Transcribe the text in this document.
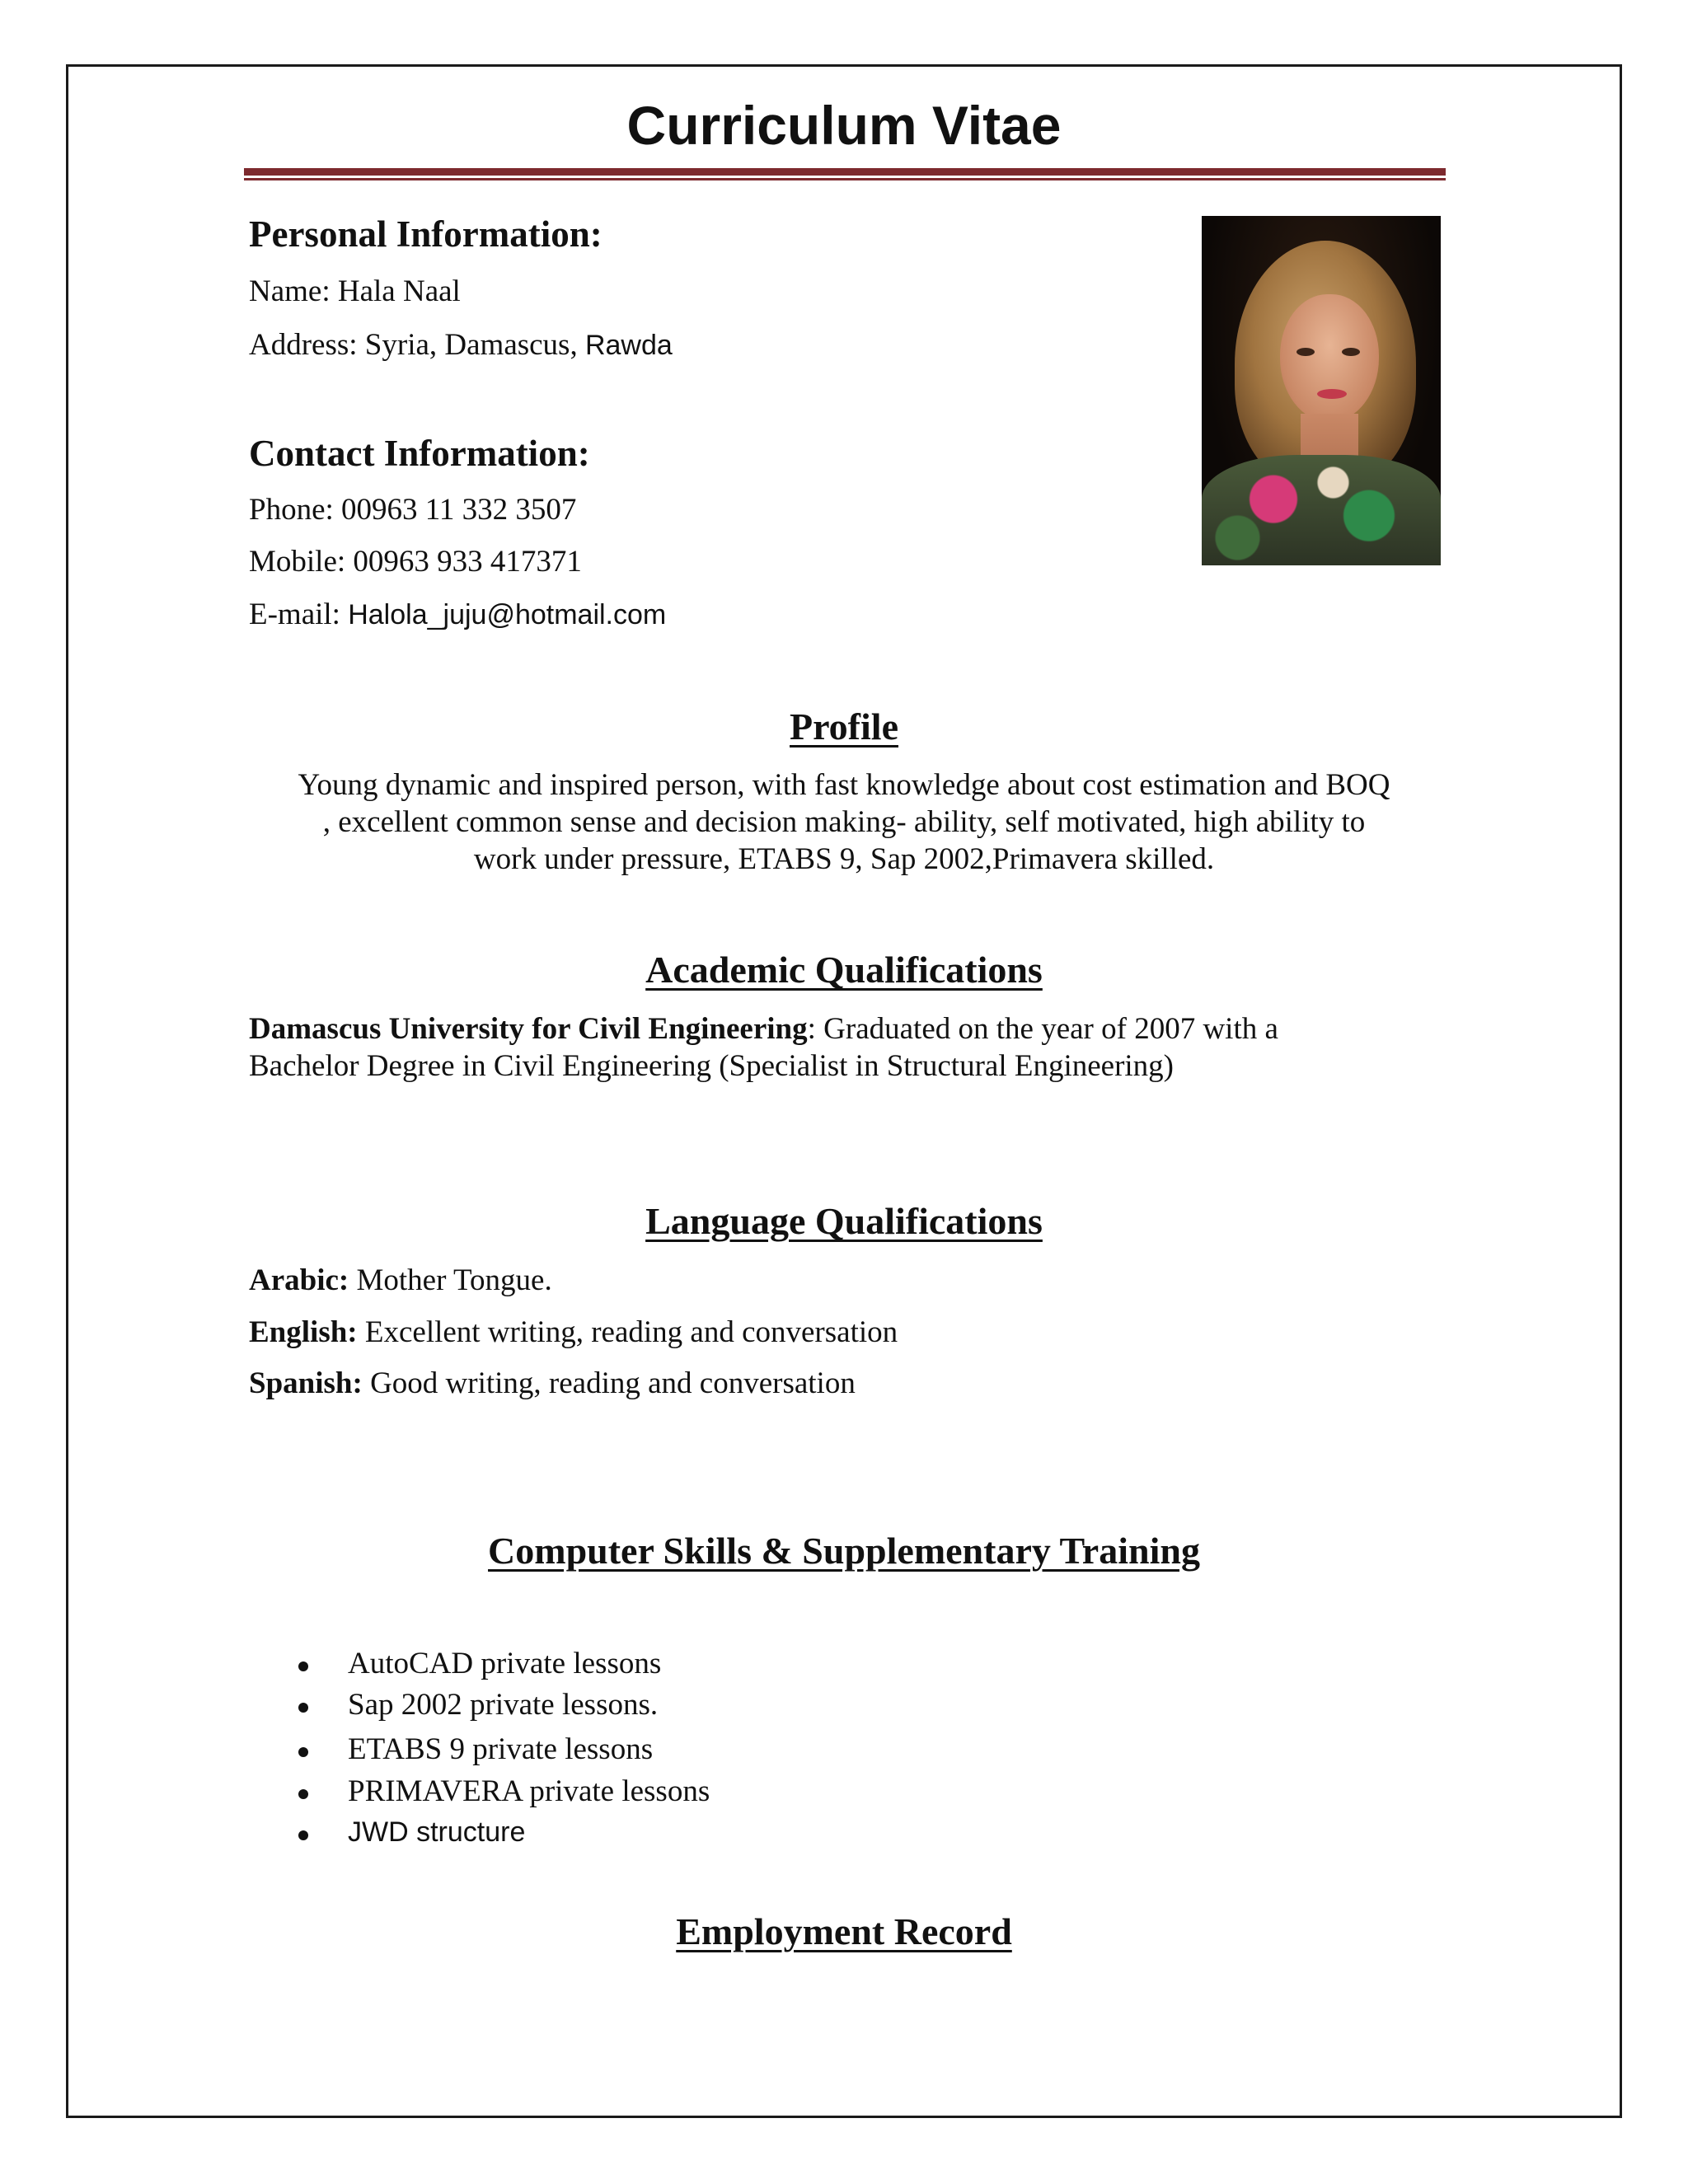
Curriculum Vitae
Personal Information:
Name: Hala Naal
Address: Syria, Damascus, Rawda
Contact Information:
Phone: 00963 11 332 3507
Mobile: 00963 933 417371
E-mail: Halola_juju@hotmail.com
Profile
Young dynamic and inspired person, with fast knowledge about cost estimation and BOQ
, excellent common sense and decision making- ability, self motivated, high ability to
work under pressure, ETABS 9, Sap 2002,Primavera skilled.
Academic Qualifications
Damascus University for Civil Engineering: Graduated on the year of 2007 with a
Bachelor Degree in Civil Engineering (Specialist in Structural Engineering)
Language Qualifications
Arabic: Mother Tongue.
English: Excellent writing, reading and conversation
Spanish: Good writing, reading and conversation
Computer Skills & Supplementary Training
AutoCAD private lessons
Sap 2002 private lessons.
ETABS 9 private lessons
PRIMAVERA private lessons
JWD structure
Employment Record
